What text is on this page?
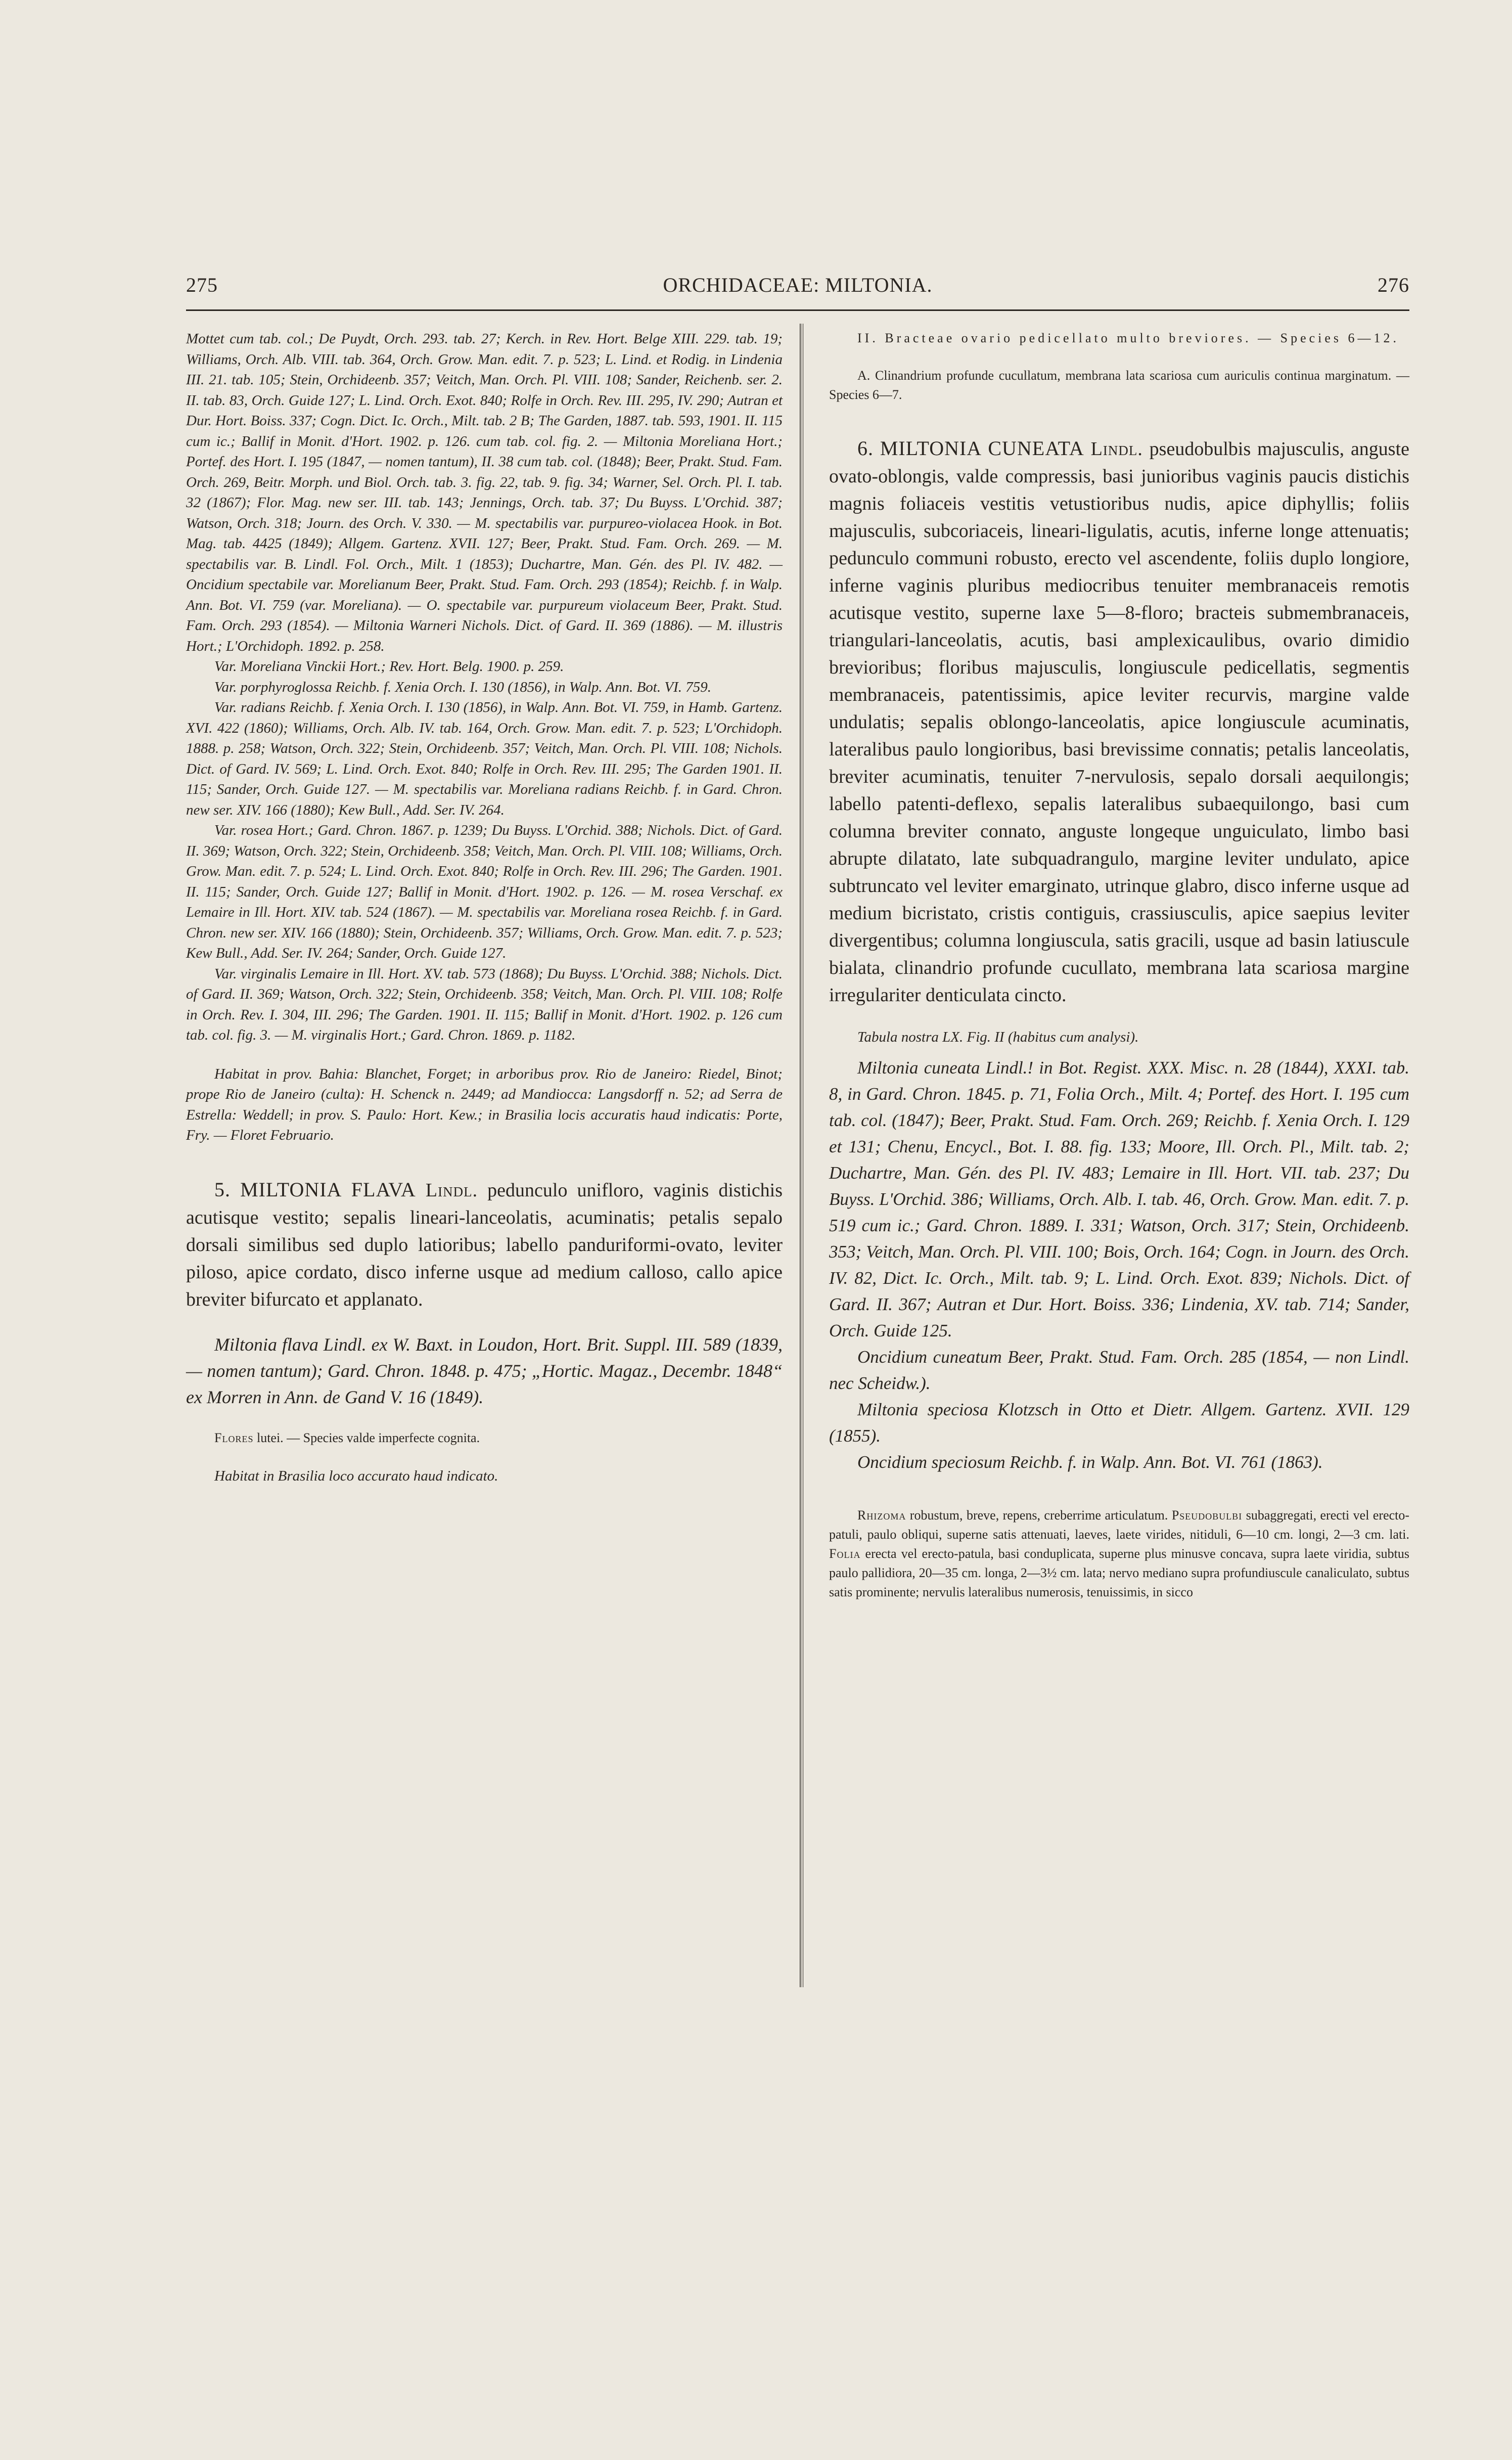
275	ORCHIDACEAE: MILTONIA.	276

Mottet cum tab. col.; De Puydt, Orch. 293. tab. 27; Kerch. in Rev. Hort. Belge XIII. 229. tab. 19; Williams, Orch. Alb. VIII. tab. 364, Orch. Grow. Man. edit. 7. p. 523; L. Lind. et Rodig. in Lindenia III. 21. tab. 105; Stein, Orchideenb. 357; Veitch, Man. Orch. Pl. VIII. 108; Sander, Reichenb. ser. 2. II. tab. 83, Orch. Guide 127; L. Lind. Orch. Exot. 840; Rolfe in Orch. Rev. III. 295, IV. 290; Autran et Dur. Hort. Boiss. 337; Cogn. Dict. Ic. Orch., Milt. tab. 2 B; The Garden, 1887. tab. 593, 1901. II. 115 cum ic.; Ballif in Monit. d'Hort. 1902. p. 126. cum tab. col. fig. 2. — Miltonia Moreliana Hort.; Portef. des Hort. I. 195 (1847, — nomen tantum), II. 38 cum tab. col. (1848); Beer, Prakt. Stud. Fam. Orch. 269, Beitr. Morph. und Biol. Orch. tab. 3. fig. 22, tab. 9. fig. 34; Warner, Sel. Orch. Pl. I. tab. 32 (1867); Flor. Mag. new ser. III. tab. 143; Jennings, Orch. tab. 37; Du Buyss. L'Orchid. 387; Watson, Orch. 318; Journ. des Orch. V. 330. — M. spectabilis var. purpureo-violacea Hook. in Bot. Mag. tab. 4425 (1849); Allgem. Gartenz. XVII. 127; Beer, Prakt. Stud. Fam. Orch. 269. — M. spectabilis var. B. Lindl. Fol. Orch., Milt. 1 (1853); Duchartre, Man. Gén. des Pl. IV. 482. — Oncidium spectabile var. Morelianum Beer, Prakt. Stud. Fam. Orch. 293 (1854); Reichb. f. in Walp. Ann. Bot. VI. 759 (var. Moreliana). — O. spectabile var. purpureum violaceum Beer, Prakt. Stud. Fam. Orch. 293 (1854). — Miltonia Warneri Nichols. Dict. of Gard. II. 369 (1886). — M. illustris Hort.; L'Orchidoph. 1892. p. 258.

Var. Moreliana Vinckii Hort.; Rev. Hort. Belg. 1900. p. 259.

Var. porphyroglossa Reichb. f. Xenia Orch. I. 130 (1856), in Walp. Ann. Bot. VI. 759.

Var. radians Reichb. f. Xenia Orch. I. 130 (1856), in Walp. Ann. Bot. VI. 759, in Hamb. Gartenz. XVI. 422 (1860); Williams, Orch. Alb. IV. tab. 164, Orch. Grow. Man. edit. 7. p. 523; L'Orchidoph. 1888. p. 258; Watson, Orch. 322; Stein, Orchideenb. 357; Veitch, Man. Orch. Pl. VIII. 108; Nichols. Dict. of Gard. IV. 569; L. Lind. Orch. Exot. 840; Rolfe in Orch. Rev. III. 295; The Garden 1901. II. 115; Sander, Orch. Guide 127. — M. spectabilis var. Moreliana radians Reichb. f. in Gard. Chron. new ser. XIV. 166 (1880); Kew Bull., Add. Ser. IV. 264.

Var. rosea Hort.; Gard. Chron. 1867. p. 1239; Du Buyss. L'Orchid. 388; Nichols. Dict. of Gard. II. 369; Watson, Orch. 322; Stein, Orchideenb. 358; Veitch, Man. Orch. Pl. VIII. 108; Williams, Orch. Grow. Man. edit. 7. p. 524; L. Lind. Orch. Exot. 840; Rolfe in Orch. Rev. III. 296; The Garden. 1901. II. 115; Sander, Orch. Guide 127; Ballif in Monit. d'Hort. 1902. p. 126. — M. rosea Verschaf. ex Lemaire in Ill. Hort. XIV. tab. 524 (1867). — M. spectabilis var. Moreliana rosea Reichb. f. in Gard. Chron. new ser. XIV. 166 (1880); Stein, Orchideenb. 357; Williams, Orch. Grow. Man. edit. 7. p. 523; Kew Bull., Add. Ser. IV. 264; Sander, Orch. Guide 127.

Var. virginalis Lemaire in Ill. Hort. XV. tab. 573 (1868); Du Buyss. L'Orchid. 388; Nichols. Dict. of Gard. II. 369; Watson, Orch. 322; Stein, Orchideenb. 358; Veitch, Man. Orch. Pl. VIII. 108; Rolfe in Orch. Rev. I. 304, III. 296; The Garden. 1901. II. 115; Ballif in Monit. d'Hort. 1902. p. 126 cum tab. col. fig. 3. — M. virginalis Hort.; Gard. Chron. 1869. p. 1182.

Habitat in prov. Bahia: Blanchet, Forget; in arboribus prov. Rio de Janeiro: Riedel, Binot; prope Rio de Janeiro (culta): H. Schenck n. 2449; ad Mandiocca: Langsdorff n. 52; ad Serra de Estrella: Weddell; in prov. S. Paulo: Hort. Kew.; in Brasilia locis accuratis haud indicatis: Porte, Fry. — Floret Februario.

5. MILTONIA FLAVA Lindl. pedunculo unifloro, vaginis distichis acutisque vestito; sepalis lineari-lanceolatis, acuminatis; petalis sepalo dorsali similibus sed duplo latioribus; labello panduriformi-ovato, leviter piloso, apice cordato, disco inferne usque ad medium calloso, callo apice breviter bifurcato et applanato.

Miltonia flava Lindl. ex W. Baxt. in Loudon, Hort. Brit. Suppl. III. 589 (1839, — nomen tantum); Gard. Chron. 1848. p. 475; „Hortic. Magaz., Decembr. 1848“ ex Morren in Ann. de Gand V. 16 (1849).

Flores lutei. — Species valde imperfecte cognita.

Habitat in Brasilia loco accurato haud indicato.

II. Bracteae ovario pedicellato multo breviores. — Species 6—12.

A. Clinandrium profunde cucullatum, membrana lata scariosa cum auriculis continua marginatum. — Species 6—7.

6. MILTONIA CUNEATA Lindl. pseudobulbis majusculis, anguste ovato-oblongis, valde compressis, basi junioribus vaginis paucis distichis magnis foliaceis vestitis vetustioribus nudis, apice diphyllis; foliis majusculis, subcoriaceis, lineari-ligulatis, acutis, inferne longe attenuatis; pedunculo communi robusto, erecto vel ascendente, foliis duplo longiore, inferne vaginis pluribus mediocribus tenuiter membranaceis remotis acutisque vestito, superne laxe 5—8-floro; bracteis submembranaceis, triangulari-lanceolatis, acutis, basi amplexicaulibus, ovario dimidio brevioribus; floribus majusculis, longiuscule pedicellatis, segmentis membranaceis, patentissimis, apice leviter recurvis, margine valde undulatis; sepalis oblongo-lanceolatis, apice longiuscule acuminatis, lateralibus paulo longioribus, basi brevissime connatis; petalis lanceolatis, breviter acuminatis, tenuiter 7-nervulosis, sepalo dorsali aequilongis; labello patenti-deflexo, sepalis lateralibus subaequilongo, basi cum columna breviter connato, anguste longeque unguiculato, limbo basi abrupte dilatato, late subquadrangulo, margine leviter undulato, apice subtruncato vel leviter emarginato, utrinque glabro, disco inferne usque ad medium bicristato, cristis contiguis, crassiusculis, apice saepius leviter divergentibus; columna longiuscula, satis gracili, usque ad basin latiuscule bialata, clinandrio profunde cucullato, membrana lata scariosa margine irregulariter denticulata cincto.

Tabula nostra LX. Fig. II (habitus cum analysi).

Miltonia cuneata Lindl.! in Bot. Regist. XXX. Misc. n. 28 (1844), XXXI. tab. 8, in Gard. Chron. 1845. p. 71, Folia Orch., Milt. 4; Portef. des Hort. I. 195 cum tab. col. (1847); Beer, Prakt. Stud. Fam. Orch. 269; Reichb. f. Xenia Orch. I. 129 et 131; Chenu, Encycl., Bot. I. 88. fig. 133; Moore, Ill. Orch. Pl., Milt. tab. 2; Duchartre, Man. Gén. des Pl. IV. 483; Lemaire in Ill. Hort. VII. tab. 237; Du Buyss. L'Orchid. 386; Williams, Orch. Alb. I. tab. 46, Orch. Grow. Man. edit. 7. p. 519 cum ic.; Gard. Chron. 1889. I. 331; Watson, Orch. 317; Stein, Orchideenb. 353; Veitch, Man. Orch. Pl. VIII. 100; Bois, Orch. 164; Cogn. in Journ. des Orch. IV. 82, Dict. Ic. Orch., Milt. tab. 9; L. Lind. Orch. Exot. 839; Nichols. Dict. of Gard. II. 367; Autran et Dur. Hort. Boiss. 336; Lindenia, XV. tab. 714; Sander, Orch. Guide 125.

Oncidium cuneatum Beer, Prakt. Stud. Fam. Orch. 285 (1854, — non Lindl. nec Scheidw.).

Miltonia speciosa Klotzsch in Otto et Dietr. Allgem. Gartenz. XVII. 129 (1855).

Oncidium speciosum Reichb. f. in Walp. Ann. Bot. VI. 761 (1863).

Rhizoma robustum, breve, repens, creberrime articulatum. Pseudobulbi subaggregati, erecti vel erecto-patuli, paulo obliqui, superne satis attenuati, laeves, laete virides, nitiduli, 6—10 cm. longi, 2—3 cm. lati. Folia erecta vel erecto-patula, basi conduplicata, superne plus minusve concava, supra laete viridia, subtus paulo pallidiora, 20—35 cm. longa, 2—3½ cm. lata; nervo mediano supra profundiuscule canaliculato, subtus satis prominente; nervulis lateralibus numerosis, tenuissimis, in sicco
